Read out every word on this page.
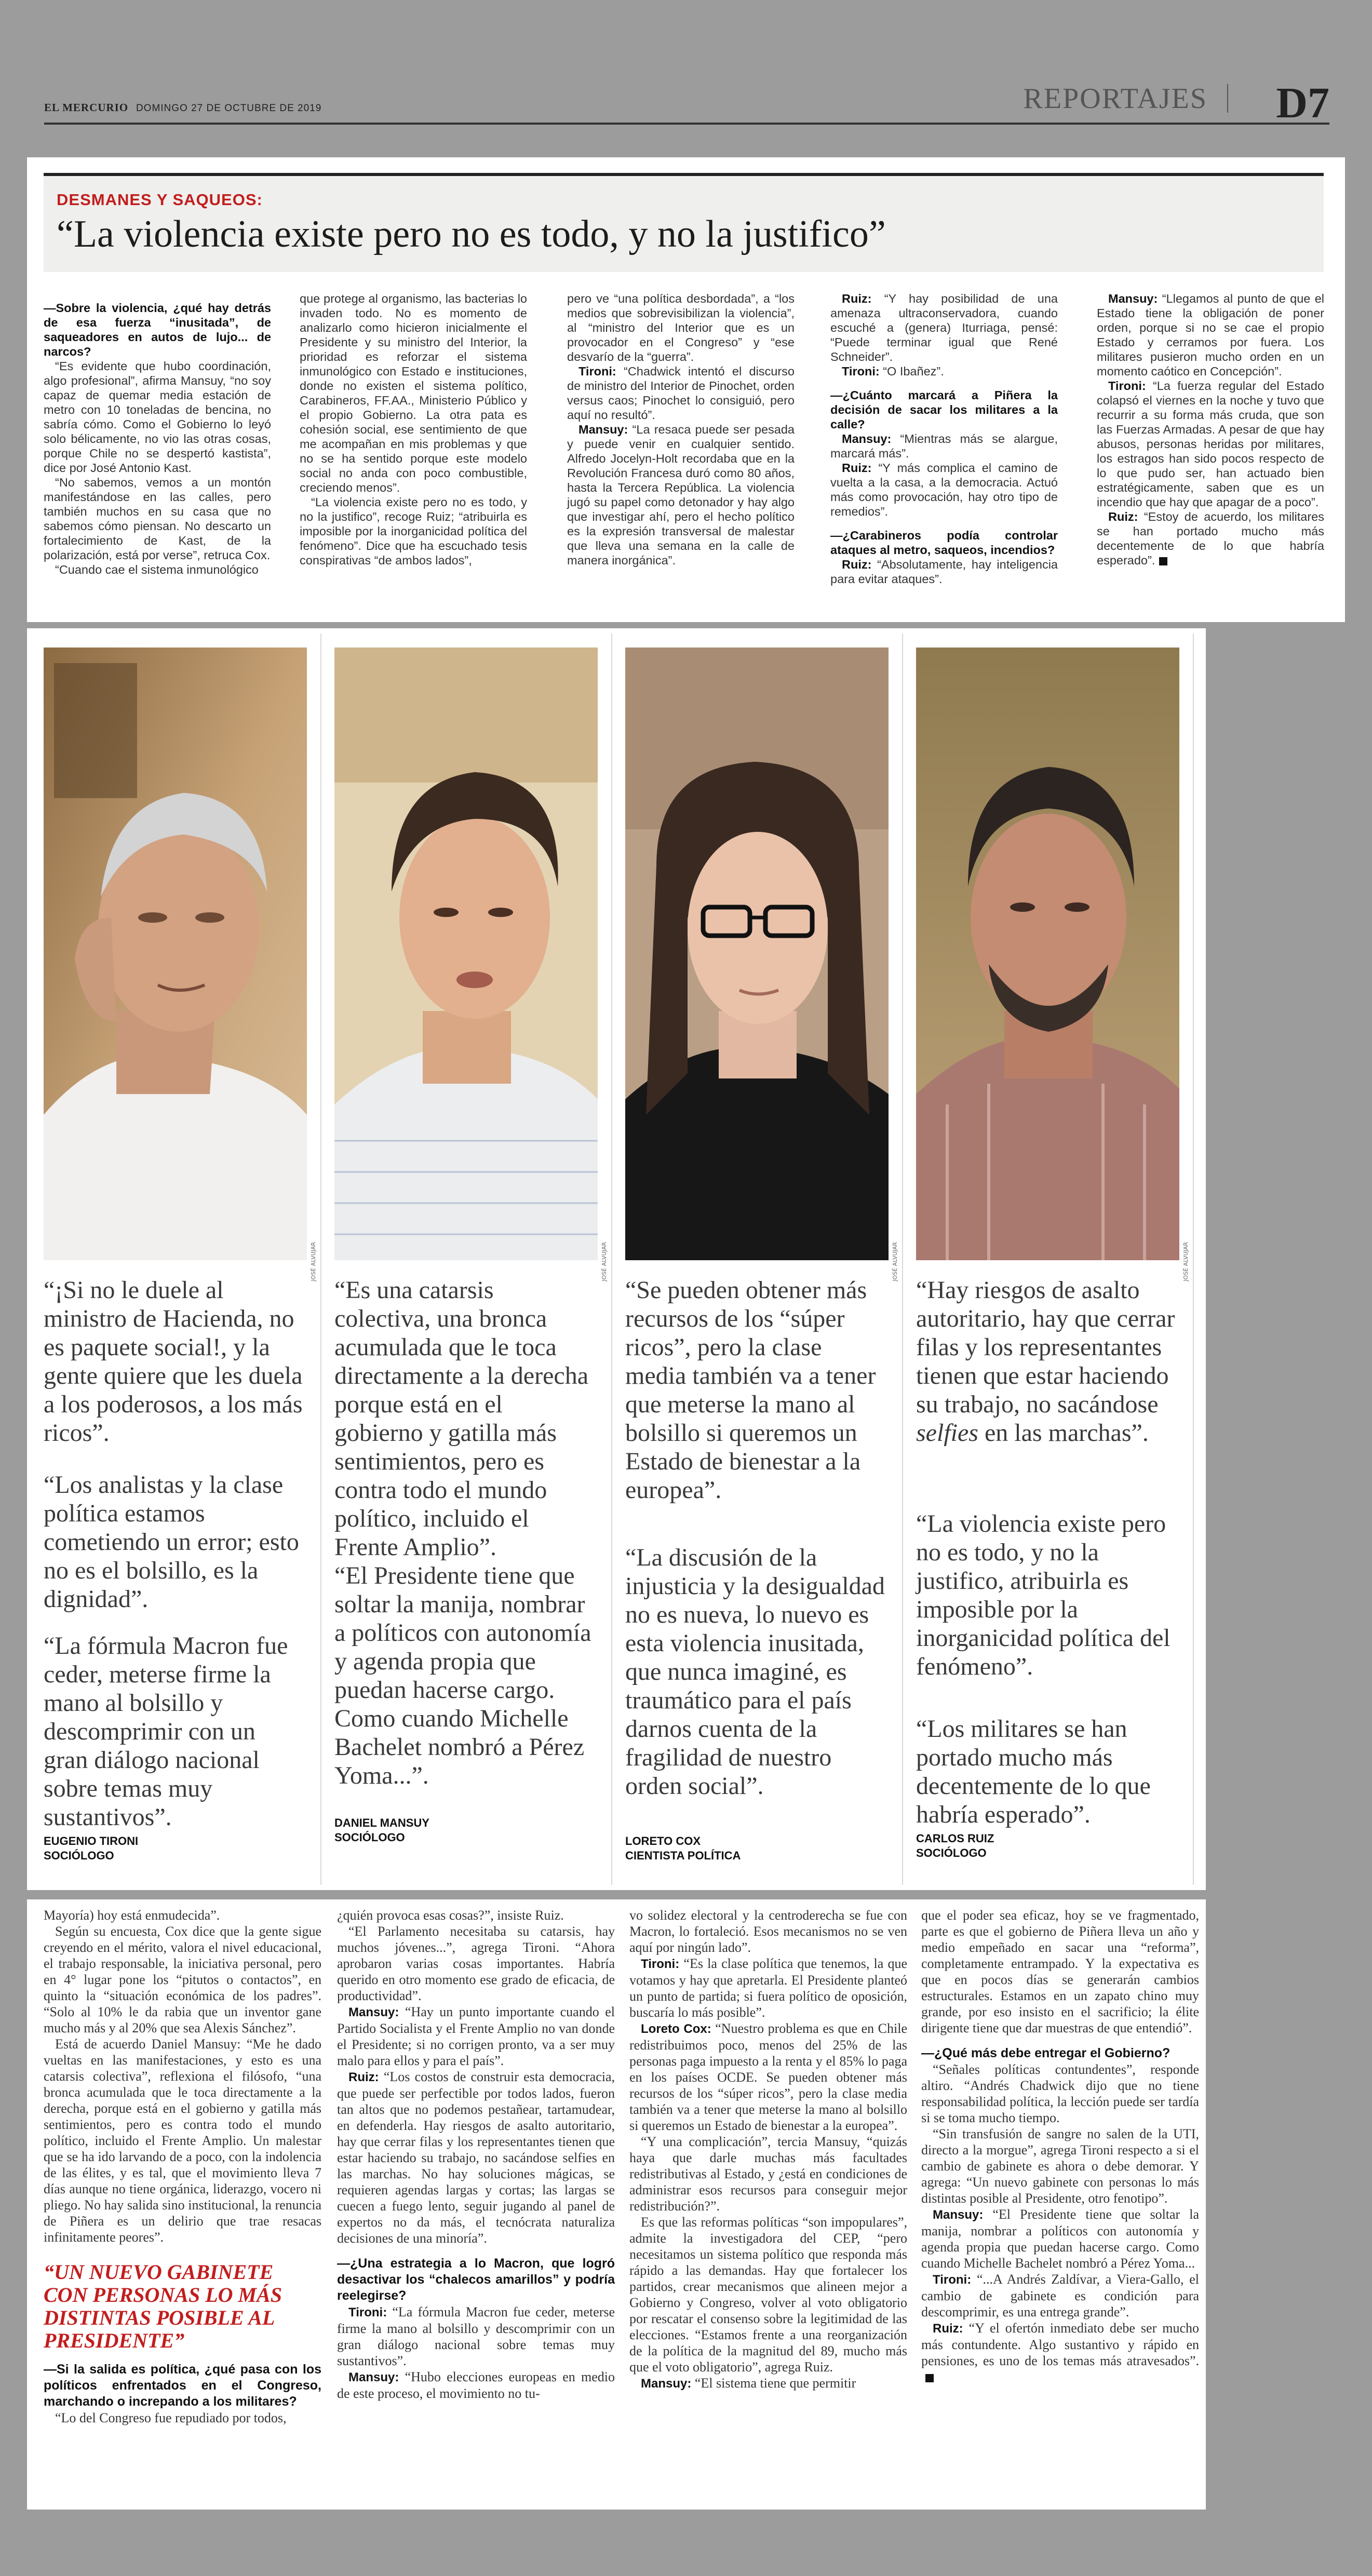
EL MERCURIO DOMINGO 27 DE OCTUBRE DE 2019	REPORTAJES D7
DESMANES Y SAQUEOS:
“La violencia existe pero no es todo, y no la justifico”

—Sobre la violencia, ¿qué hay detrás de esa fuerza “inusitada”, de saqueadores en autos de lujo... de narcos?

“Es evidente que hubo coordinación, algo profesional”, afirma Mansuy, “no soy capaz de quemar media estación de metro con 10 toneladas de bencina, no sabría cómo. Como el Gobierno lo leyó solo bélicamente, no vio las otras cosas, porque Chile no se despertó kastista”, dice por José Antonio Kast.

“No sabemos, vemos a un montón manifestándose en las calles, pero también muchos en su casa que no sabemos cómo piensan. No descarto un fortalecimiento de Kast, de la polarización, está por verse”, retruca Cox.

“Cuando cae el sistema inmunológico

que protege al organismo, las bacterias lo invaden todo. No es momento de analizarlo como hicieron inicialmente el Presidente y su ministro del Interior, la prioridad es reforzar el sistema inmunológico con Estado e instituciones, donde no existen el sistema político, Carabineros, FF.AA., Ministerio Público y el propio Gobierno. La otra pata es cohesión social, ese sentimiento de que me acompañan en mis problemas y que no se ha sentido porque este modelo social no anda con poco combustible, creciendo menos”.

“La violencia existe pero no es todo, y no la justifico”, recoge Ruiz; “atribuirla es imposible por la inorganicidad política del fenómeno”. Dice que ha escuchado tesis conspirativas “de ambos lados”,

pero ve “una política desbordada”, a “los medios que sobrevisibilizan la violencia”, al “ministro del Interior que es un provocador en el Congreso” y “ese desvarío de la “guerra”.

Tironi: “Chadwick intentó el discurso de ministro del Interior de Pinochet, orden versus caos; Pinochet lo consiguió, pero aquí no resultó”.

Mansuy: “La resaca puede ser pesada y puede venir en cualquier sentido. Alfredo Jocelyn-Holt recordaba que en la Revolución Francesa duró como 80 años, hasta la Tercera República. La violencia jugó su papel como detonador y hay algo que investigar ahí, pero el hecho político es la expresión transversal de malestar que lleva una semana en la calle de manera inorgánica”.

Ruiz: “Y hay posibilidad de una amenaza ultraconservadora, cuando escuché a (genera) Iturriaga, pensé: “Puede terminar igual que René Schneider”.

Tironi: “O Ibañez”.

—¿Cuánto marcará a Piñera la decisión de sacar los militares a la calle?

Mansuy: “Mientras más se alargue, marcará más”.

Ruiz: “Y más complica el camino de vuelta a la casa, a la democracia. Actuó más como provocación, hay otro tipo de remedios”.

—¿Carabineros podía controlar ataques al metro, saqueos, incendios?

Ruiz: “Absolutamente, hay inteligencia para evitar ataques”.

Mansuy: “Llegamos al punto de que el Estado tiene la obligación de poner orden, porque si no se cae el propio Estado y cerramos por fuera. Los militares pusieron mucho orden en un momento caótico en Concepción”.

Tironi: “La fuerza regular del Estado colapsó el viernes en la noche y tuvo que recurrir a su forma más cruda, que son las Fuerzas Armadas. A pesar de que hay abusos, personas heridas por militares, los estragos han sido pocos respecto de lo que pudo ser, han actuado bien estratégicamente, saben que es un incendio que hay que apagar de a poco”.

Ruiz: “Estoy de acuerdo, los militares se han portado mucho más decentemente de lo que habría esperado”.

JOSÉ ALVUJAR
“¡Si no le duele al ministro de Hacienda, no es paquete social!, y la gente quiere que les duela a los poderosos, a los más ricos”.
“Los analistas y la clase política estamos cometiendo un error; esto no es el bolsillo, es la dignidad”.
“La fórmula Macron fue ceder, meterse firme la mano al bolsillo y descomprimir con un gran diálogo nacional sobre temas muy sustantivos”.
EUGENIO TIRONI
SOCIÓLOGO
JOSÉ ALVUJAR
“Es una catarsis colectiva, una bronca acumulada que le toca directamente a la derecha porque está en el gobierno y gatilla más sentimientos, pero es contra todo el mundo político, incluido el Frente Amplio”.
“El Presidente tiene que soltar la manija, nombrar a políticos con autonomía y agenda propia que puedan hacerse cargo. Como cuando Michelle Bachelet nombró a Pérez Yoma...”.
DANIEL MANSUY
SOCIÓLOGO
JOSÉ ALVUJAR
“Se pueden obtener más recursos de los “súper ricos”, pero la clase media también va a tener que meterse la mano al bolsillo si queremos un Estado de bienestar a la europea”.
“La discusión de la injusticia y la desigualdad no es nueva, lo nuevo es esta violencia inusitada, que nunca imaginé, es traumático para el país darnos cuenta de la fragilidad de nuestro orden social”.
LORETO COX
CIENTISTA POLÍTICA
JOSÉ ALVUJAR
“Hay riesgos de asalto autoritario, hay que cerrar filas y los representantes tienen que estar haciendo su trabajo, no sacándose selfies en las marchas”.
“La violencia existe pero no es todo, y no la justifico, atribuirla es imposible por la inorganicidad política del fenómeno”.
“Los militares se han portado mucho más decentemente de lo que habría esperado”.
CARLOS RUIZ
SOCIÓLOGO

Mayoría) hoy está enmudecida”.

Según su encuesta, Cox dice que la gente sigue creyendo en el mérito, valora el nivel educacional, el trabajo responsable, la iniciativa personal, pero en 4° lugar pone los “pitutos o contactos”, en quinto la “situación económica de los padres”. “Solo al 10% le da rabia que un inventor gane mucho más y al 20% que sea Alexis Sánchez”.

Está de acuerdo Daniel Mansuy: “Me he dado vueltas en las manifestaciones, y esto es una catarsis colectiva”, reflexiona el filósofo, “una bronca acumulada que le toca directamente a la derecha, porque está en el gobierno y gatilla más sentimientos, pero es contra todo el mundo político, incluido el Frente Amplio. Un malestar que se ha ido larvando de a poco, con la indolencia de las élites, y es tal, que el movimiento lleva 7 días aunque no tiene orgánica, liderazgo, vocero ni pliego. No hay salida sino institucional, la renuncia de Piñera es un delirio que trae resacas infinitamente peores”.

“UN NUEVO GABINETE CON PERSONAS LO MÁS DISTINTAS POSIBLE AL PRESIDENTE”

—Si la salida es política, ¿qué pasa con los políticos enfrentados en el Congreso, marchando o increpando a los militares?

“Lo del Congreso fue repudiado por todos,

¿quién provoca esas cosas?”, insiste Ruiz.

“El Parlamento necesitaba su catarsis, hay muchos jóvenes...”, agrega Tironi. “Ahora aprobaron varias cosas importantes. Habría querido en otro momento ese grado de eficacia, de productividad”.

Mansuy: “Hay un punto importante cuando el Partido Socialista y el Frente Amplio no van donde el Presidente; si no corrigen pronto, va a ser muy malo para ellos y para el país”.

Ruiz: “Los costos de construir esta democracia, que puede ser perfectible por todos lados, fueron tan altos que no podemos pestañear, tartamudear, en defenderla. Hay riesgos de asalto autoritario, hay que cerrar filas y los representantes tienen que estar haciendo su trabajo, no sacándose selfies en las marchas. No hay soluciones mágicas, se requieren agendas largas y cortas; las largas se cuecen a fuego lento, seguir jugando al panel de expertos no da más, el tecnócrata naturaliza decisiones de una minoría”.

—¿Una estrategia a lo Macron, que logró desactivar los “chalecos amarillos” y podría reelegirse?

Tironi: “La fórmula Macron fue ceder, meterse firme la mano al bolsillo y descomprimir con un gran diálogo nacional sobre temas muy sustantivos”.

Mansuy: “Hubo elecciones europeas en medio de este proceso, el movimiento no tu-

vo solidez electoral y la centroderecha se fue con Macron, lo fortaleció. Esos mecanismos no se ven aquí por ningún lado”.

Tironi: “Es la clase política que tenemos, la que votamos y hay que apretarla. El Presidente planteó un punto de partida; si fuera político de oposición, buscaría lo más posible”.

Loreto Cox: “Nuestro problema es que en Chile redistribuimos poco, menos del 25% de las personas paga impuesto a la renta y el 85% lo paga en los países OCDE. Se pueden obtener más recursos de los “súper ricos”, pero la clase media también va a tener que meterse la mano al bolsillo si queremos un Estado de bienestar a la europea”.

“Y una complicación”, tercia Mansuy, “quizás haya que darle muchas más facultades redistributivas al Estado, y ¿está en condiciones de administrar esos recursos para conseguir mejor redistribución?”.

Es que las reformas políticas “son impopulares”, admite la investigadora del CEP, “pero necesitamos un sistema político que responda más rápido a las demandas. Hay que fortalecer los partidos, crear mecanismos que alineen mejor a Gobierno y Congreso, volver al voto obligatorio por rescatar el consenso sobre la legitimidad de las elecciones. “Estamos frente a una reorganización de la política de la magnitud del 89, mucho más que el voto obligatorio”, agrega Ruiz.

Mansuy: “El sistema tiene que permitir

que el poder sea eficaz, hoy se ve fragmentado, parte es que el gobierno de Piñera lleva un año y medio empeñado en sacar una “reforma”, completamente entrampado. Y la expectativa es que en pocos días se generarán cambios estructurales. Estamos en un zapato chino muy grande, por eso insisto en el sacrificio; la élite dirigente tiene que dar muestras de que entendió”.

—¿Qué más debe entregar el Gobierno?

“Señales políticas contundentes”, responde altiro. “Andrés Chadwick dijo que no tiene responsabilidad política, la lección puede ser tardía si se toma mucho tiempo.

“Sin transfusión de sangre no salen de la UTI, directo a la morgue”, agrega Tironi respecto a si el cambio de gabinete es ahora o debe demorar. Y agrega: “Un nuevo gabinete con personas lo más distintas posible al Presidente, otro fenotipo”.

Mansuy: “El Presidente tiene que soltar la manija, nombrar a políticos con autonomía y agenda propia que puedan hacerse cargo. Como cuando Michelle Bachelet nombró a Pérez Yoma...

Tironi: “...A Andrés Zaldívar, a Viera-Gallo, el cambio de gabinete es condición para descomprimir, es una entrega grande”.

Ruiz: “Y el ofertón inmediato debe ser mucho más contundente. Algo sustantivo y rápido en pensiones, es uno de los temas más atravesados”.
